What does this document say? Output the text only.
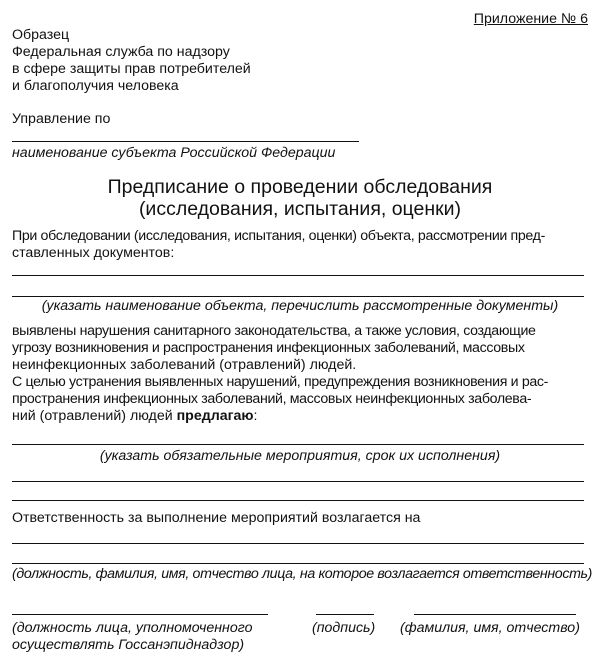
Приложение № 6
Образец
Федеральная служба по надзору
в сфере защиты прав потребителей
и благополучия человека
Управление по
наименование субъекта Российской Федерации
Предписание о проведении обследования
(исследования, испытания, оценки)
При обследовании (исследования, испытания, оценки) объекта, рассмотрении пред-
ставленных документов:
(указать наименование объекта, перечислить рассмотренные документы)
выявлены нарушения санитарного законодательства, а также условия, создающие
угрозу возникновения и распространения инфекционных заболеваний, массовых
неинфекционных заболеваний (отравлений) людей.
С целью устранения выявленных нарушений, предупреждения возникновения и рас-
пространения инфекционных заболеваний, массовых неинфекционных заболева-
ний (отравлений) людей предлагаю:
(указать обязательные мероприятия, срок их исполнения)
Ответственность за выполнение мероприятий возлагается на
(должность, фамилия, имя, отчество лица, на которое возлагается ответственность)
(должность лица, уполномоченного
осуществлять Госсанэпиднадзор)
(подпись) (фамилия, имя, отчество)
